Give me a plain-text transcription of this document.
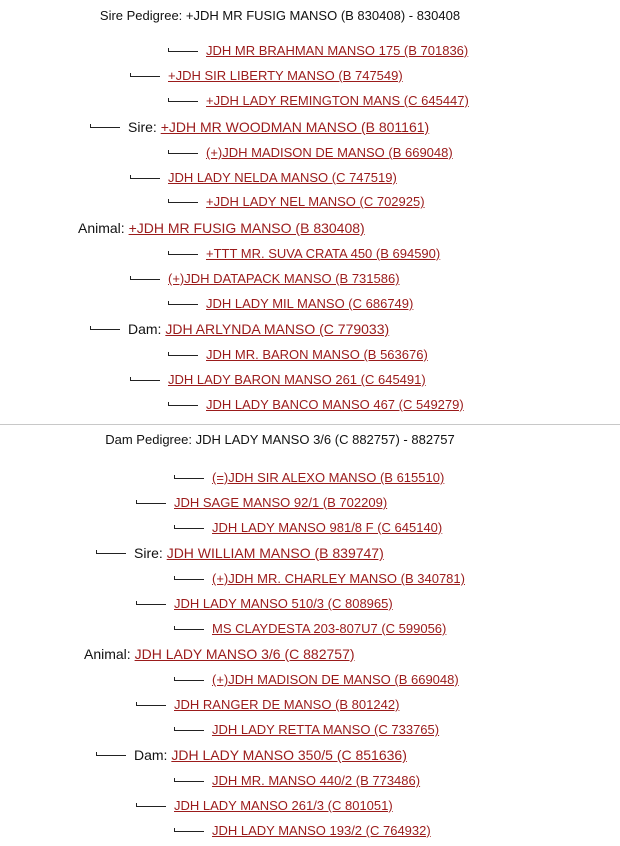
Sire Pedigree: +JDH MR FUSIG MANSO (B 830408) - 830408
JDH MR BRAHMAN MANSO 175 (B 701836)
+JDH SIR LIBERTY MANSO (B 747549)
+JDH LADY REMINGTON MANS (C 645447)
Sire: +JDH MR WOODMAN MANSO (B 801161)
(+)JDH MADISON DE MANSO (B 669048)
JDH LADY NELDA MANSO (C 747519)
+JDH LADY NEL MANSO (C 702925)
Animal: +JDH MR FUSIG MANSO (B 830408)
+TTT MR. SUVA CRATA 450 (B 694590)
(+)JDH DATAPACK MANSO (B 731586)
JDH LADY MIL MANSO (C 686749)
Dam: JDH ARLYNDA MANSO (C 779033)
JDH MR. BARON MANSO (B 563676)
JDH LADY BARON MANSO 261 (C 645491)
JDH LADY BANCO MANSO 467 (C 549279)
Dam Pedigree: JDH LADY MANSO 3/6 (C 882757) - 882757
(=)JDH SIR ALEXO MANSO (B 615510)
JDH SAGE MANSO 92/1 (B 702209)
JDH LADY MANSO 981/8 F (C 645140)
Sire: JDH WILLIAM MANSO (B 839747)
(+)JDH MR. CHARLEY MANSO (B 340781)
JDH LADY MANSO 510/3 (C 808965)
MS CLAYDESTA 203-807U7 (C 599056)
Animal: JDH LADY MANSO 3/6 (C 882757)
(+)JDH MADISON DE MANSO (B 669048)
JDH RANGER DE MANSO (B 801242)
JDH LADY RETTA MANSO (C 733765)
Dam: JDH LADY MANSO 350/5 (C 851636)
JDH MR. MANSO 440/2 (B 773486)
JDH LADY MANSO 261/3 (C 801051)
JDH LADY MANSO 193/2 (C 764932)
